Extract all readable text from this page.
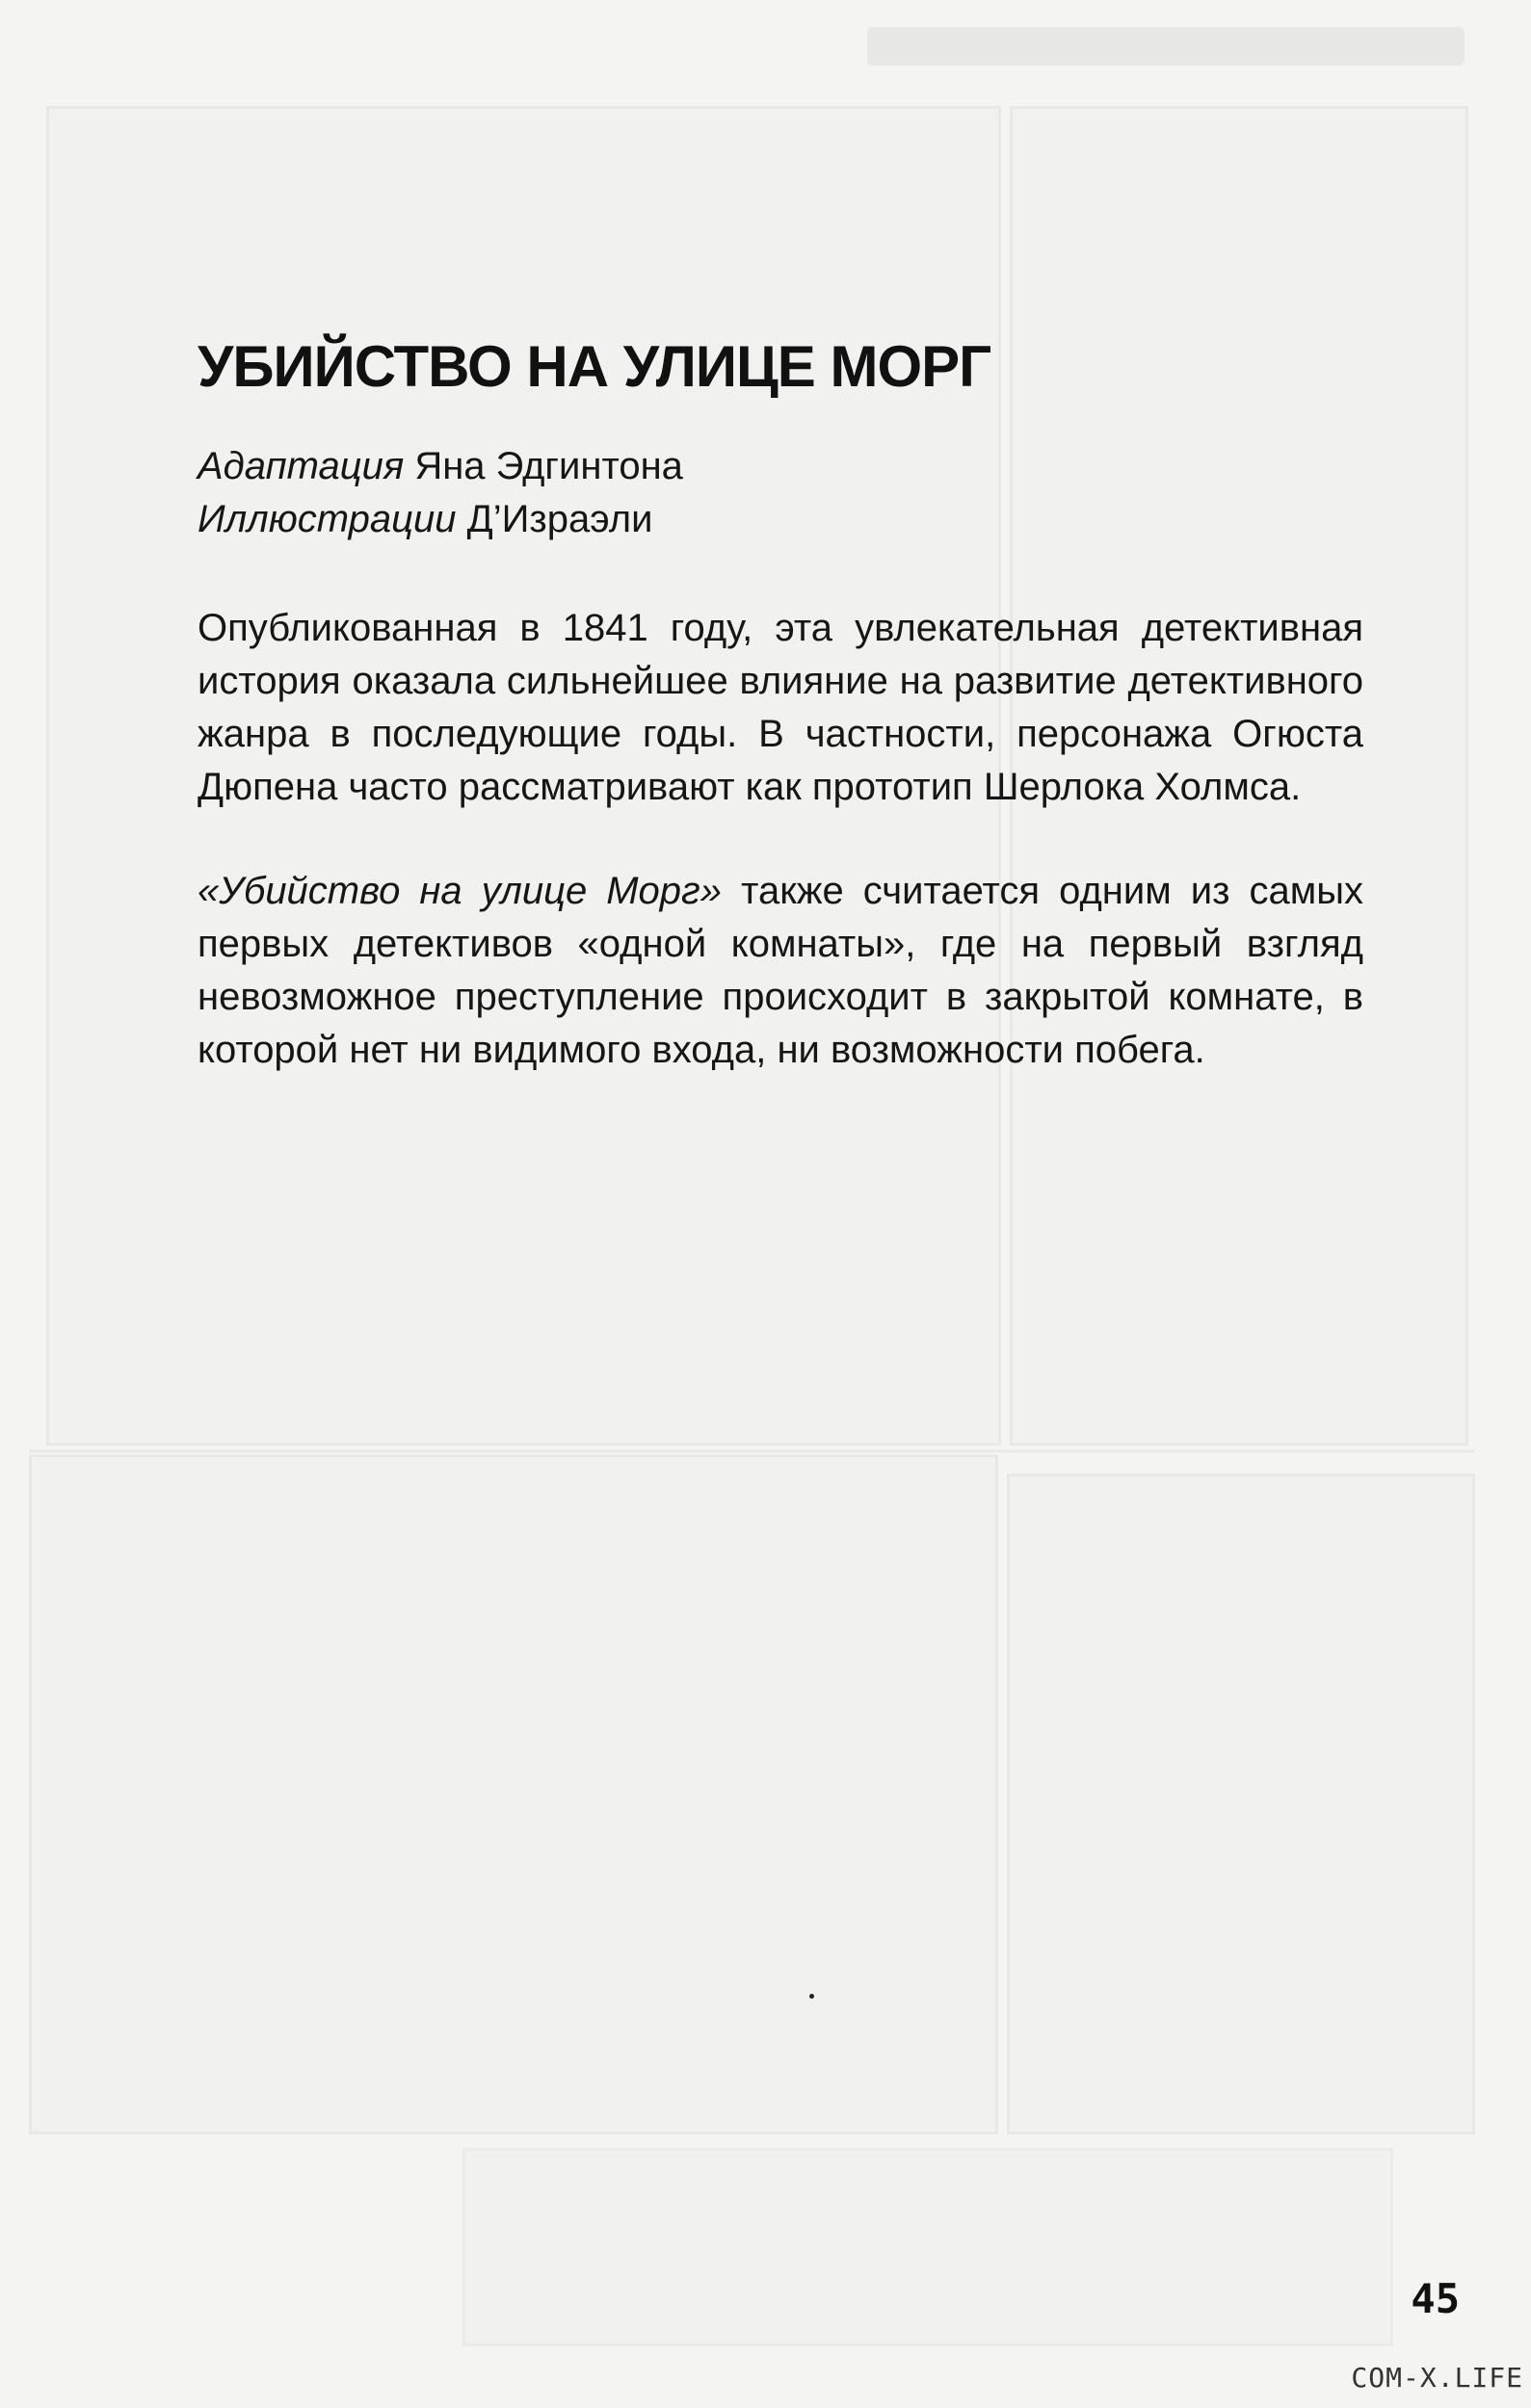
УБИЙСТВО НА УЛИЦЕ МОРГ
Адаптация Яна Эдгинтона
Иллюстрации Д’Израэли

Опубликованная в 1841 году, эта увлекательная детективная история оказала сильнейшее влияние на развитие детективного жанра в последующие годы. В частности, персонажа Огюста Дюпена часто рассматривают как прототип Шерлока Холмса.

«Убийство на улице Морг» также считается одним из самых первых детективов «одной комнаты», где на первый взгляд невозможное преступление происходит в закрытой комнате, в которой нет ни видимого входа, ни возможности побега.

45
COM-X.LIFE
